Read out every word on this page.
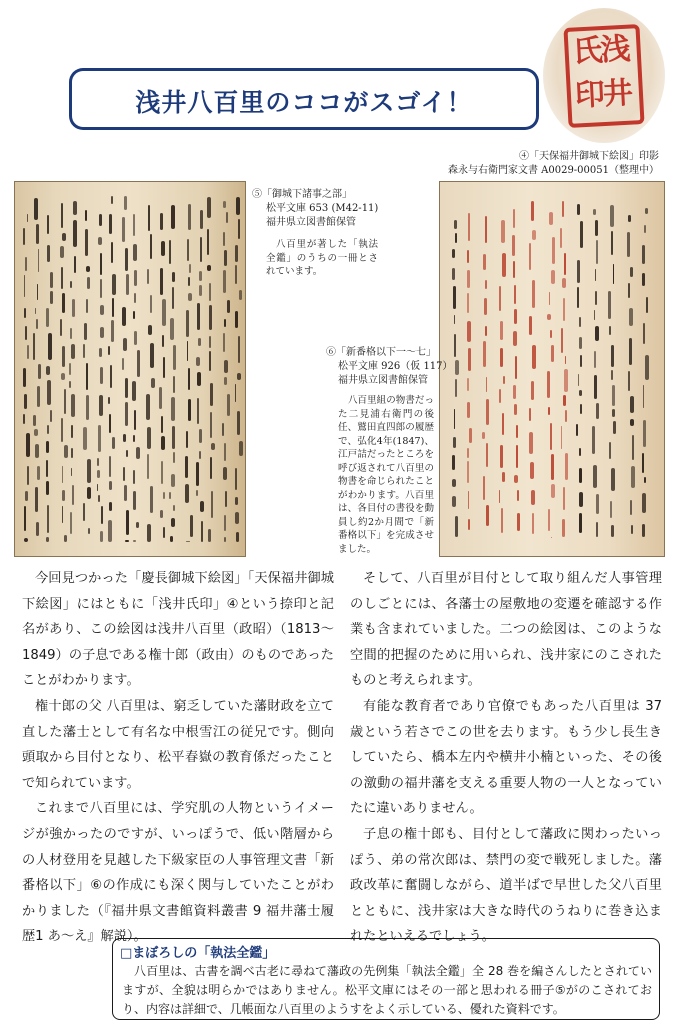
浅井八百里のココがスゴイ！
浅
井
氏
印
④「天保福井御城下絵図」印影
森永与右衛門家文書 A0029-00051（整理中）
⑤「御城下諸事之部」
松平文庫 653 (M42-11)
福井県立図書館保管
八百里が著した「執法全鑑」のうちの一冊とされています。
⑥「新番格以下一～七」
松平文庫 926（仮 117）
福井県立図書館保管
八百里組の物書だった二見浦右衛門の後任、鷲田直四郎の履歴で、弘化4年(1847)、江戸詰だったところを呼び返されて八百里の物書を命じられたことがわかります。八百里は、各目付の書役を動員し約2か月間で「新番格以下」を完成させました。

今回見つかった「慶長御城下絵図」「天保福井御城下絵図」にはともに「浅井氏印」④という捺印と記名があり、この絵図は浅井八百里（政昭）（1813～1849）の子息である権十郎（政由）のものであったことがわかります。

権十郎の父 八百里は、窮乏していた藩財政を立て直した藩士として有名な中根雪江の従兄です。側向頭取から目付となり、松平春嶽の教育係だったことで知られています。

これまで八百里には、学究肌の人物というイメージが強かったのですが、いっぽうで、低い階層からの人材登用を見越した下級家臣の人事管理文書「新番格以下」⑥の作成にも深く関与していたことがわかりました（『福井県文書館資料叢書 9 福井藩士履歴1 あ～え』解説）。

そして、八百里が目付として取り組んだ人事管理のしごとには、各藩士の屋敷地の変遷を確認する作業も含まれていました。二つの絵図は、このような空間的把握のために用いられ、浅井家にのこされたものと考えられます。

有能な教育者であり官僚でもあった八百里は 37 歳という若さでこの世を去ります。もう少し長生きしていたら、橋本左内や横井小楠といった、その後の激動の福井藩を支える重要人物の一人となっていたに違いありません。

子息の権十郎も、目付として藩政に関わったいっぽう、弟の常次郎は、禁門の変で戦死しました。藩政改革に奮闘しながら、道半ばで早世した父八百里とともに、浅井家は大きな時代のうねりに巻き込まれたといえるでしょう。

□まぼろしの「執法全鑑」
八百里は、古書を調べ古老に尋ねて藩政の先例集「執法全鑑」全 28 巻を編さんしたとされていますが、全貌は明らかではありません。松平文庫にはその一部と思われる冊子⑤がのこされており、内容は詳細で、几帳面な八百里のようすをよく示している、優れた資料です。
